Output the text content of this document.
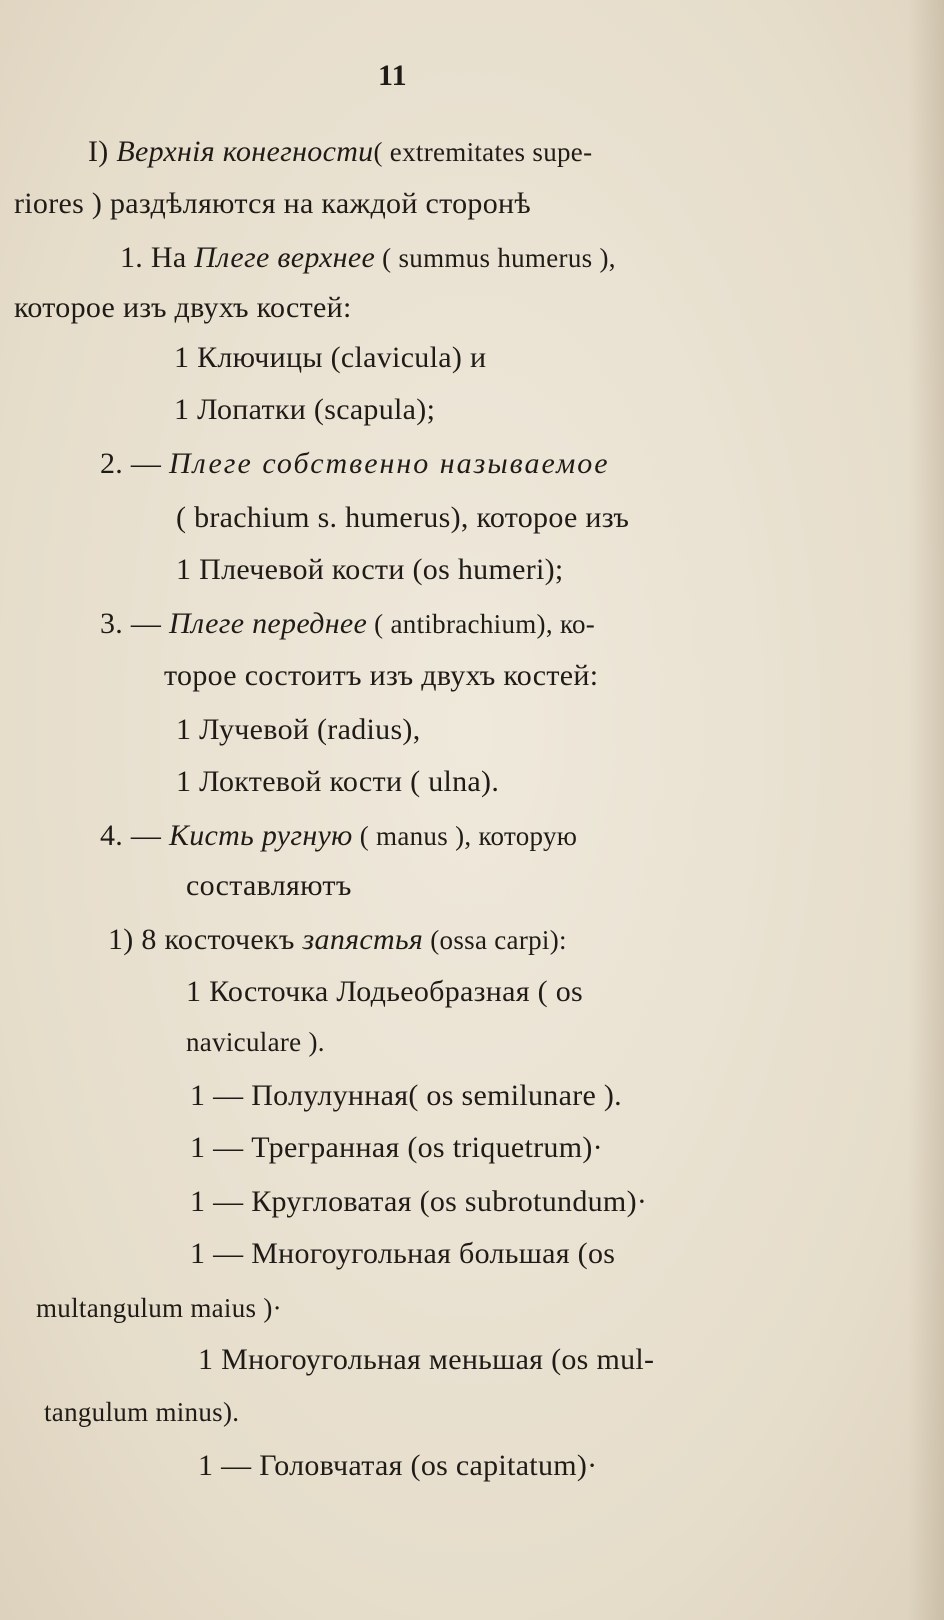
11
I) Верхнія конегности( extremitates supe-
riores ) раздѣляются на каждой сторонѣ
1. На Плеге верхнее ( summus humerus ),
которое изъ двухъ костей:
1 Ключицы (clavicula) и
1 Лопатки (scapula);
2. — Плеге собственно называемое
( brachium s. humerus), которое изъ
1 Плечевой кости (os humeri);
3. — Плеге переднее ( antibrachium), ко-
торое состоитъ изъ двухъ костей:
1 Лучевой (radius),
1 Локтевой кости ( ulna).
4. — Кисть ругную ( manus ), которую
составляютъ
1) 8 косточекъ запястья (ossa carpi):
1 Косточка Лодьеобразная ( os
naviculare ).
1 — Полулунная( os semilunare ).
1 — Трегранная (os triquetrum)·
1 — Кругловатая (os subrotundum)·
1 — Многоугольная большая (os
multangulum maius )·
1 Многоугольная меньшая (os mul-
tangulum minus).
1 — Головчатая (os capitatum)·
